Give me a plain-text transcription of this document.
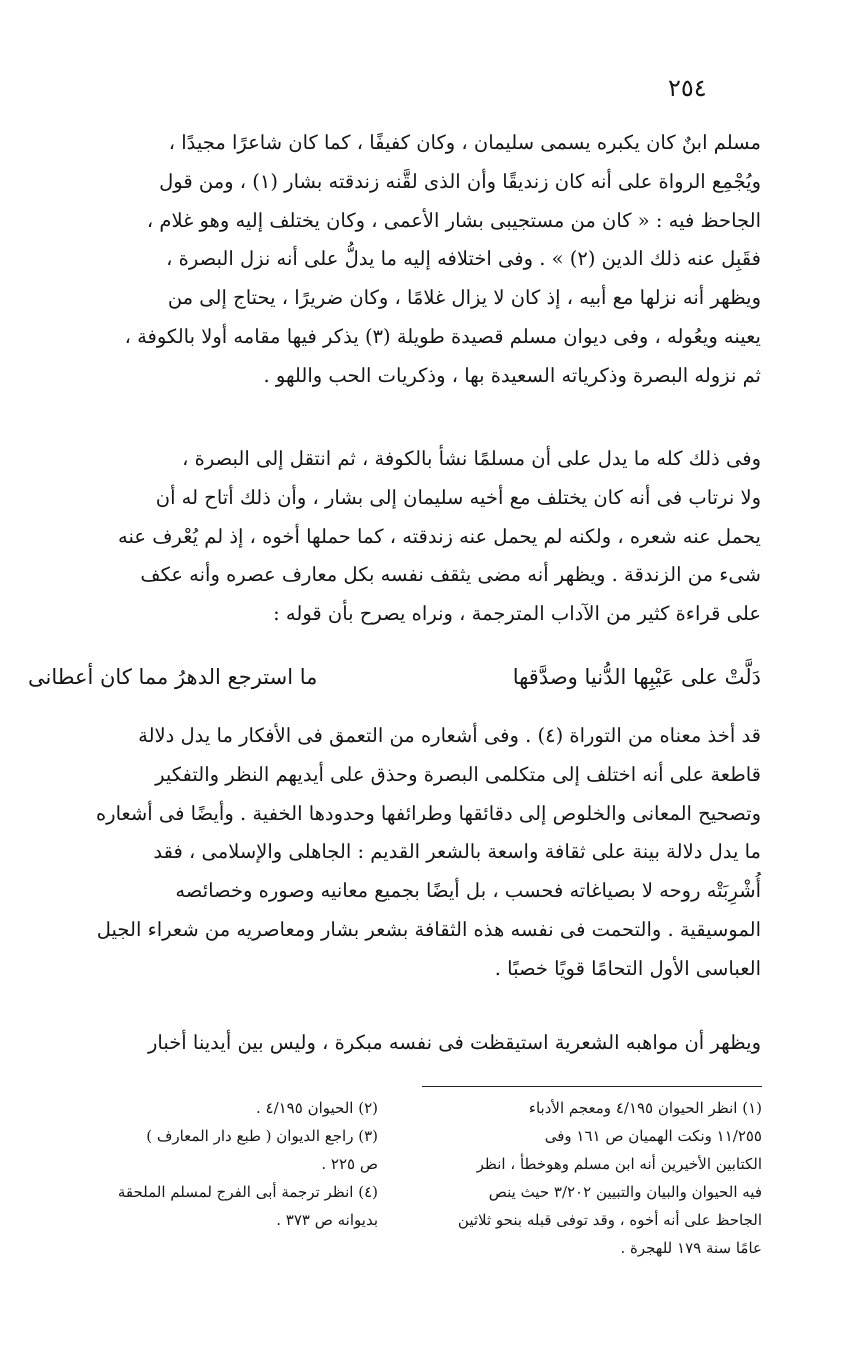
٢٥٤
مسلم ابنٌ كان يكبره يسمى سليمان ، وكان كفيفًا ، كما كان شاعرًا مجيدًا ،
ويُجْمِع الرواة على أنه كان زنديقًا وأن الذى لقَّنه زندقته بشار (١) ، ومن قول
الجاحظ فيه : « كان من مستجيبى بشار الأعمى ، وكان يختلف إليه وهو غلام ،
فقَبِل عنه ذلك الدين (٢) » . وفى اختلافه إليه ما يدلُّ على أنه نزل البصرة ،
ويظهر أنه نزلها مع أبيه ، إذ كان لا يزال غلامًا ، وكان ضريرًا ، يحتاج إلى من
يعينه ويعُوله ، وفى ديوان مسلم قصيدة طويلة (٣) يذكر فيها مقامه أولا بالكوفة ،
ثم نزوله البصرة وذكرياته السعيدة بها ، وذكريات الحب واللهو .
وفى ذلك كله ما يدل على أن مسلمًا نشأ بالكوفة ، ثم انتقل إلى البصرة ،
ولا نرتاب فى أنه كان يختلف مع أخيه سليمان إلى بشار ، وأن ذلك أتاح له أن
يحمل عنه شعره ، ولكنه لم يحمل عنه زندقته ، كما حملها أخوه ، إذ لم يُعْرف عنه
شىء من الزندقة . ويظهر أنه مضى يثقف نفسه بكل معارف عصره وأنه عكف
على قراءة كثير من الآداب المترجمة ، ونراه يصرح بأن قوله :
دَلَّتْ على عَيْبِها الدُّنيا وصدَّقها
ما استرجع الدهرُ مما كان أعطانى
قد أخذ معناه من التوراة (٤) . وفى أشعاره من التعمق فى الأفكار ما يدل دلالة
قاطعة على أنه اختلف إلى متكلمى البصرة وحذق على أيديهم النظر والتفكير
وتصحيح المعانى والخلوص إلى دقائقها وطرائفها وحدودها الخفية . وأيضًا فى أشعاره
ما يدل دلالة بينة على ثقافة واسعة بالشعر القديم : الجاهلى والإسلامى ، فقد
أُشْرِبَتْه روحه لا بصياغاته فحسب ، بل أيضًا بجميع معانيه وصوره وخصائصه
الموسيقية . والتحمت فى نفسه هذه الثقافة بشعر بشار ومعاصريه من شعراء الجيل
العباسى الأول التحامًا قويًا خصبًا .
ويظهر أن مواهبه الشعرية استيقظت فى نفسه مبكرة ، وليس بين أيدينا أخبار
(١) انظر الحيوان ٤/١٩٥ ومعجم الأدباء
١١/٢٥٥ ونكت الهميان ص ١٦١ وفى
الكتابين الأخيرين أنه ابن مسلم وهوخطأ ، انظر
فيه الحيوان والبيان والتبيين ٣/٢٠٢ حيث ينص
الجاحظ على أنه أخوه ، وقد توفى قبله بنحو ثلاثين
عامًا سنة ١٧٩ للهجرة .
(٢) الحيوان ٤/١٩٥ .
(٣) راجع الديوان ( طبع دار المعارف )
ص ٢٢٥ .
(٤) انظر ترجمة أبى الفرج لمسلم الملحقة
بديوانه ص ٣٧٣ .
